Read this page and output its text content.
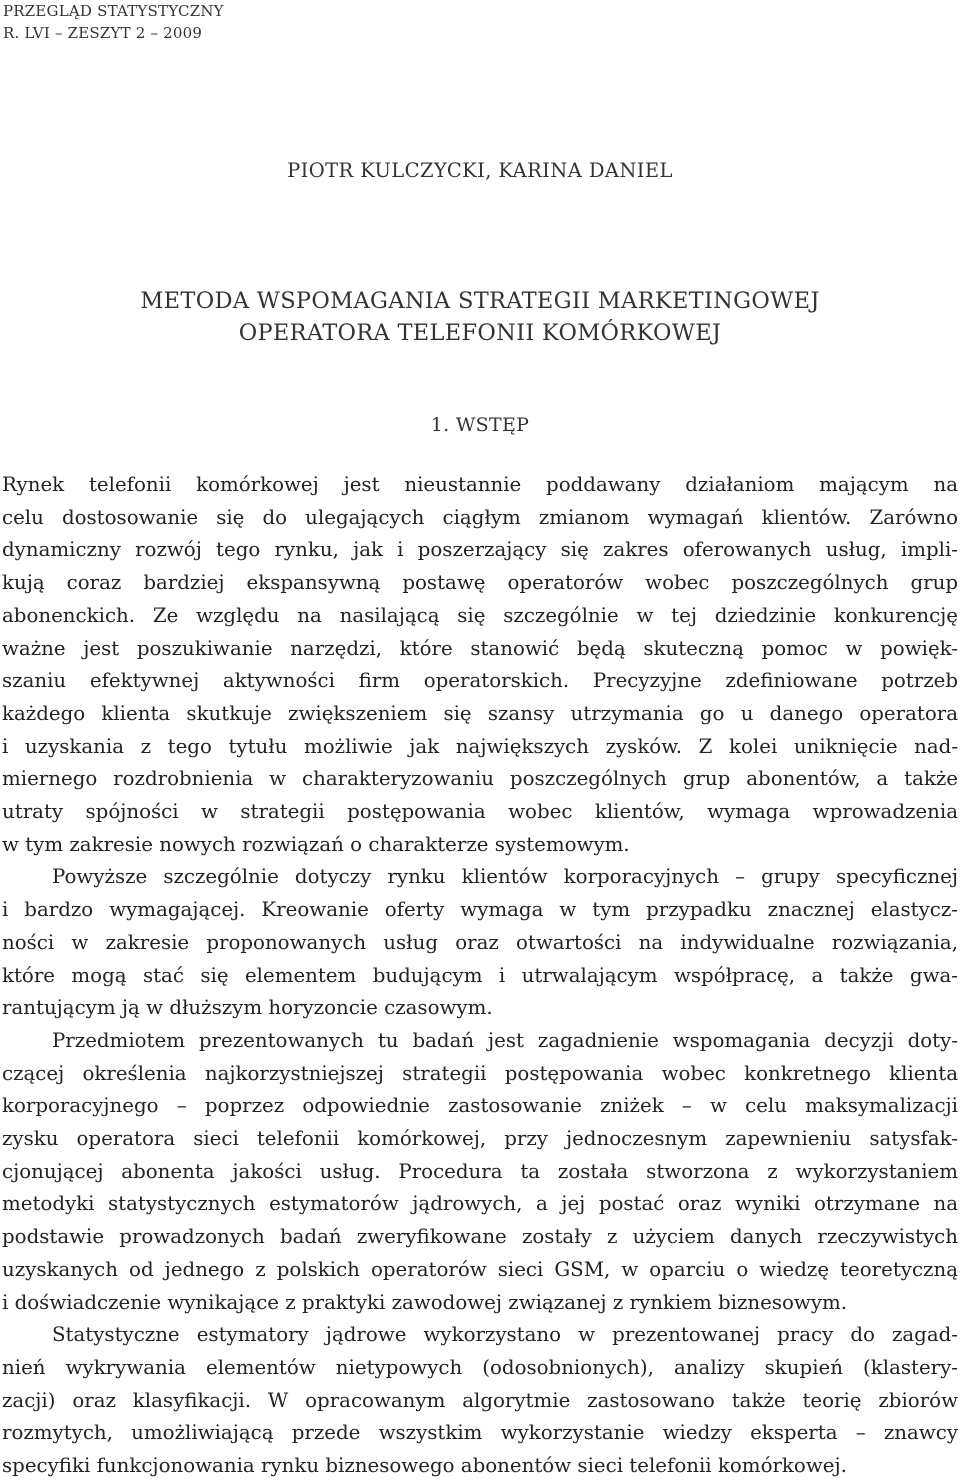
PRZEGLĄD STATYSTYCZNY
R. LVI – ZESZYT 2 – 2009
PIOTR KULCZYCKI, KARINA DANIEL
METODA WSPOMAGANIA STRATEGII MARKETINGOWEJ
OPERATORA TELEFONII KOMÓRKOWEJ
1. WSTĘP
Rynek telefonii komórkowej jest nieustannie poddawany działaniom mającym na
celu dostosowanie się do ulegających ciągłym zmianom wymagań klientów. Zarówno
dynamiczny rozwój tego rynku, jak i poszerzający się zakres oferowanych usług, impli-
kują coraz bardziej ekspansywną postawę operatorów wobec poszczególnych grup
abonenckich. Ze względu na nasilającą się szczególnie w tej dziedzinie konkurencję
ważne jest poszukiwanie narzędzi, które stanowić będą skuteczną pomoc w powięk-
szaniu efektywnej aktywności firm operatorskich. Precyzyjne zdefiniowane potrzeb
każdego klienta skutkuje zwiększeniem się szansy utrzymania go u danego operatora
i uzyskania z tego tytułu możliwie jak największych zysków. Z kolei uniknięcie nad-
miernego rozdrobnienia w charakteryzowaniu poszczególnych grup abonentów, a także
utraty spójności w strategii postępowania wobec klientów, wymaga wprowadzenia
w tym zakresie nowych rozwiązań o charakterze systemowym.
Powyższe szczególnie dotyczy rynku klientów korporacyjnych – grupy specyficznej
i bardzo wymagającej. Kreowanie oferty wymaga w tym przypadku znacznej elastycz-
ności w zakresie proponowanych usług oraz otwartości na indywidualne rozwiązania,
które mogą stać się elementem budującym i utrwalającym współpracę, a także gwa-
rantującym ją w dłuższym horyzoncie czasowym.
Przedmiotem prezentowanych tu badań jest zagadnienie wspomagania decyzji doty-
czącej określenia najkorzystniejszej strategii postępowania wobec konkretnego klienta
korporacyjnego – poprzez odpowiednie zastosowanie zniżek – w celu maksymalizacji
zysku operatora sieci telefonii komórkowej, przy jednoczesnym zapewnieniu satysfak-
cjonującej abonenta jakości usług. Procedura ta została stworzona z wykorzystaniem
metodyki statystycznych estymatorów jądrowych, a jej postać oraz wyniki otrzymane na
podstawie prowadzonych badań zweryfikowane zostały z użyciem danych rzeczywistych
uzyskanych od jednego z polskich operatorów sieci GSM, w oparciu o wiedzę teoretyczną
i doświadczenie wynikające z praktyki zawodowej związanej z rynkiem biznesowym.
Statystyczne estymatory jądrowe wykorzystano w prezentowanej pracy do zagad-
nień wykrywania elementów nietypowych (odosobnionych), analizy skupień (klastery-
zacji) oraz klasyfikacji. W opracowanym algorytmie zastosowano także teorię zbiorów
rozmytych, umożliwiającą przede wszystkim wykorzystanie wiedzy eksperta – znawcy
specyfiki funkcjonowania rynku biznesowego abonentów sieci telefonii komórkowej.
